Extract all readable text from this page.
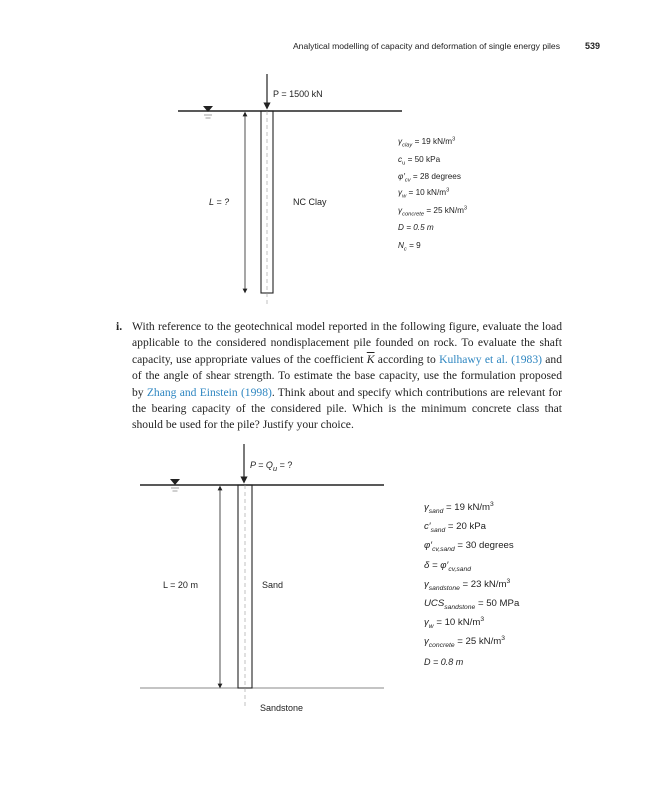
Analytical modelling of capacity and deformation of single energy piles	539
P = 1500 kN
L = ?	NC Clay
$\gamma_{clay} = 19$ $kN/m^3$
$c_u = 50$ kPa
$\varphi'_{cv} = 28$ degrees
$\gamma_w = 10$ $kN/m^3$
$\gamma_{concrete} = 25$ $kN/m^3$
D = 0.5 m
$N_c = 9$
i. With reference to the geotechnical model reported in the following figure, evaluate the load applicable to the considered nondisplacement pile founded on rock. To evaluate the shaft capacity, use appropriate values of the coefficient $\overline{K}$ according to Kulhawy et al. (1983) and of the angle of shear strength. To estimate the base capacity, use the formulation proposed by Zhang and Einstein (1998). Think about and specify which contributions are relevant for the bearing capacity of the considered pile. Which is the minimum concrete class that should be used for the pile? Justify your choice.
$P = Q_u$ = ?
L = 20 m	Sand
Sandstone
$\gamma_{sand} = 19$ $kN/m^3$
$c'_{sand} = 20$ kPa
$\varphi'_{cv,sand} = 30$ degrees
$\delta = \varphi'_{cv,sand}$
$\gamma_{sandstone} = 23$ $kN/m^3$
$UCS_{sandstone} = 50$ MPa
$\gamma_w = 10$ $kN/m^3$
$\gamma_{concrete} = 25$ $kN/m^3$
D = 0.8 m
